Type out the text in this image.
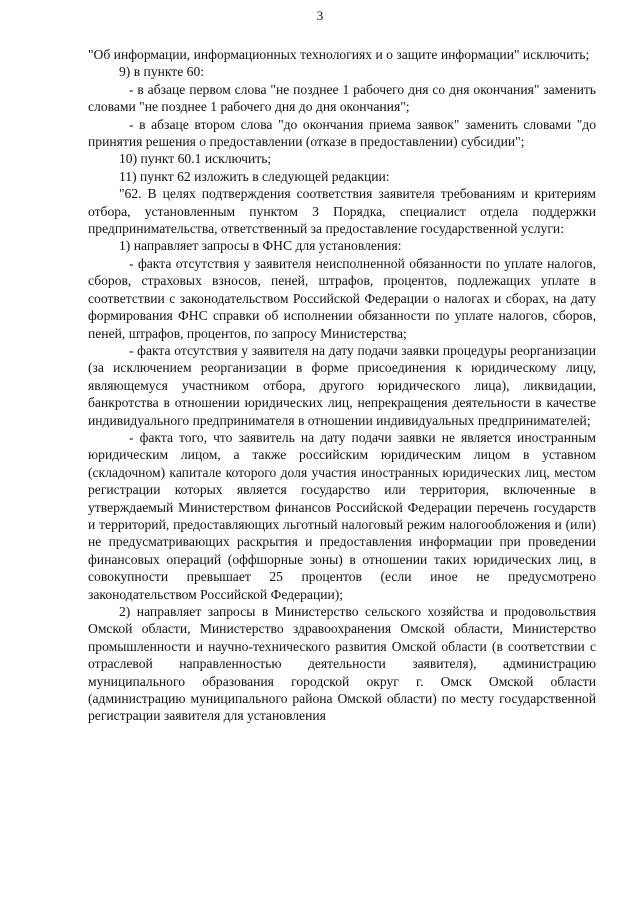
3

"Об информации, информационных технологиях и о защите информации" исключить;

9) в пункте 60:

- в абзаце первом слова "не позднее 1 рабочего дня со дня окончания" заменить словами "не позднее 1 рабочего дня до дня окончания";

- в абзаце втором слова "до окончания приема заявок" заменить словами "до принятия решения о предоставлении (отказе в предоставлении) субсидии";

10) пункт 60.1 исключить;

11) пункт 62 изложить в следующей редакции:

"62. В целях подтверждения соответствия заявителя требованиям и критериям отбора, установленным пунктом 3 Порядка, специалист отдела поддержки предпринимательства, ответственный за предоставление государственной услуги:

1) направляет запросы в ФНС для установления:

- факта отсутствия у заявителя неисполненной обязанности по уплате налогов, сборов, страховых взносов, пеней, штрафов, процентов, подлежащих уплате в соответствии с законодательством Российской Федерации о налогах и сборах, на дату формирования ФНС справки об исполнении обязанности по уплате налогов, сборов, пеней, штрафов, процентов, по запросу Министерства;

- факта отсутствия у заявителя на дату подачи заявки процедуры реорганизации (за исключением реорганизации в форме присоединения к юридическому лицу, являющемуся участником отбора, другого юридического лица), ликвидации, банкротства в отношении юридических лиц, непрекращения деятельности в качестве индивидуального предпринимателя в отношении индивидуальных предпринимателей;

- факта того, что заявитель на дату подачи заявки не является иностранным юридическим лицом, а также российским юридическим лицом в уставном (складочном) капитале которого доля участия иностранных юридических лиц, местом регистрации которых является государство или территория, включенные в утверждаемый Министерством финансов Российской Федерации перечень государств и территорий, предоставляющих льготный налоговый режим налогообложения и (или) не предусматривающих раскрытия и предоставления информации при проведении финансовых операций (оффшорные зоны) в отношении таких юридических лиц, в совокупности превышает 25 процентов (если иное не предусмотрено законодательством Российской Федерации);

2) направляет запросы в Министерство сельского хозяйства и продовольствия Омской области, Министерство здравоохранения Омской области, Министерство промышленности и научно-технического развития Омской области (в соответствии с отраслевой направленностью деятельности заявителя), администрацию муниципального образования городской округ г. Омск Омской области (администрацию муниципального района Омской области) по месту государственной регистрации заявителя для установления
